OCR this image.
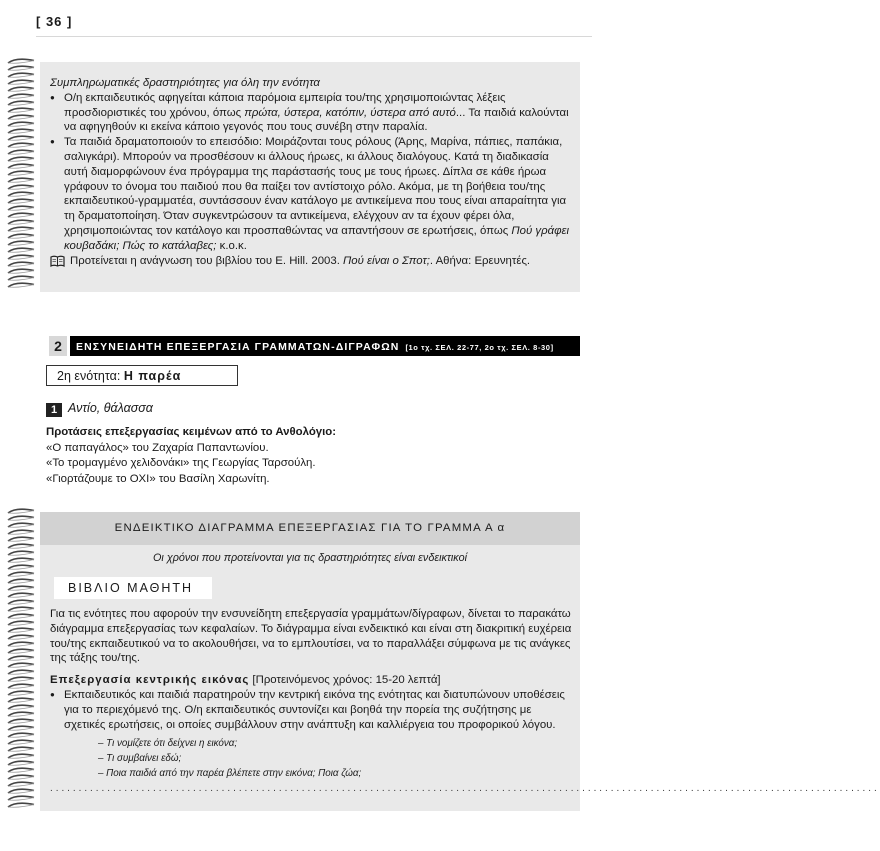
[ 36 ]
Συμπληρωματικές δραστηριότητες για όλη την ενότητα
● Ο/η εκπαιδευτικός αφηγείται κάποια παρόμοια εμπειρία του/της χρησιμοποιώντας λέξεις προσδιοριστικές του χρόνου, όπως πρώτα, ύστερα, κατόπιν, ύστερα από αυτό... Τα παιδιά καλούνται να αφηγηθούν κι εκείνα κάποιο γεγονός που τους συνέβη στην παραλία.
● Τα παιδιά δραματοποιούν το επεισόδιο: Μοιράζονται τους ρόλους (Άρης, Μαρίνα, πάπιες, παπάκια, σαλιγκάρι). Μπορούν να προσθέσουν κι άλλους ήρωες, κι άλλους διαλόγους. Κατά τη διαδικασία αυτή διαμορφώνουν ένα πρόγραμμα της παράστασής τους με τους ήρωες. Δίπλα σε κάθε ήρωα γράφουν το όνομα του παιδιού που θα παίξει τον αντίστοιχο ρόλο. Ακόμα, με τη βοήθεια του/της εκπαιδευτικού-γραμματέα, συντάσσουν έναν κατάλογο με αντικείμενα που τους είναι απαραίτητα για τη δραματοποίηση. Όταν συγκεντρώσουν τα αντικείμενα, ελέγχουν αν τα έχουν φέρει όλα, χρησιμοποιώντας τον κατάλογο και προσπαθώντας να απαντήσουν σε ερωτήσεις, όπως Πού γράφει κουβαδάκι; Πώς το κατάλαβες; κ.ο.κ.
Προτείνεται η ανάγνωση του βιβλίου του E. Hill. 2003. Πού είναι ο Σποτ;. Αθήνα: Ερευνητές.
2	ΕΝΣΥΝΕΙΔΗΤΗ ΕΠΕΞΕΡΓΑΣΙΑ ΓΡΑΜΜΑΤΩΝ-ΔΙΓΡΑΦΩΝ [1ο τχ. ΣΕΛ. 22-77, 2ο τχ. ΣΕΛ. 8-30]
2η ενότητα: Η παρέα
1 Αντίο, θάλασσα
Προτάσεις επεξεργασίας κειμένων από το Ανθολόγιο:
«Ο παπαγάλος» του Ζαχαρία Παπαντωνίου.
«Το τρομαγμένο χελιδονάκι» της Γεωργίας Ταρσούλη.
«Γιορτάζουμε το ΟΧΙ» του Βασίλη Χαρωνίτη.
ΕΝΔΕΙΚΤΙΚΟ ΔΙΑΓΡΑΜΜΑ ΕΠΕΞΕΡΓΑΣΙΑΣ ΓΙΑ ΤΟ ΓΡΑΜΜΑ Α α
Οι χρόνοι που προτείνονται για τις δραστηριότητες είναι ενδεικτικοί
ΒΙΒΛΙΟ ΜΑΘΗΤΗ

Για τις ενότητες που αφορούν την ενσυνείδητη επεξεργασία γραμμάτων/δίγραφων, δίνεται το παρακάτω διάγραμμα επεξεργασίας των κεφαλαίων. Το διάγραμμα είναι ενδεικτικό και είναι στη διακριτική ευχέρεια του/της εκπαιδευτικού να το ακολουθήσει, να το εμπλουτίσει, να το παραλλάξει σύμφωνα με τις ανάγκες της τάξης του/της.

Επεξεργασία κεντρικής εικόνας [Προτεινόμενος χρόνος: 15-20 λεπτά]

● Εκπαιδευτικός και παιδιά παρατηρούν την κεντρική εικόνα της ενότητας και διατυπώνουν υποθέσεις για το περιεχόμενό της. Ο/η εκπαιδευτικός συντονίζει και βοηθά την πορεία της συζήτησης με σχετικές ερωτήσεις, οι οποίες συμβάλλουν στην ανάπτυξη και καλλιέργεια του προφορικού λόγου.
– Τι νομίζετε ότι δείχνει η εικόνα;
– Τι συμβαίνει εδώ;
– Ποια παιδιά από την παρέα βλέπετε στην εικόνα; Ποια ζώα;
.................................................................................................................................................
